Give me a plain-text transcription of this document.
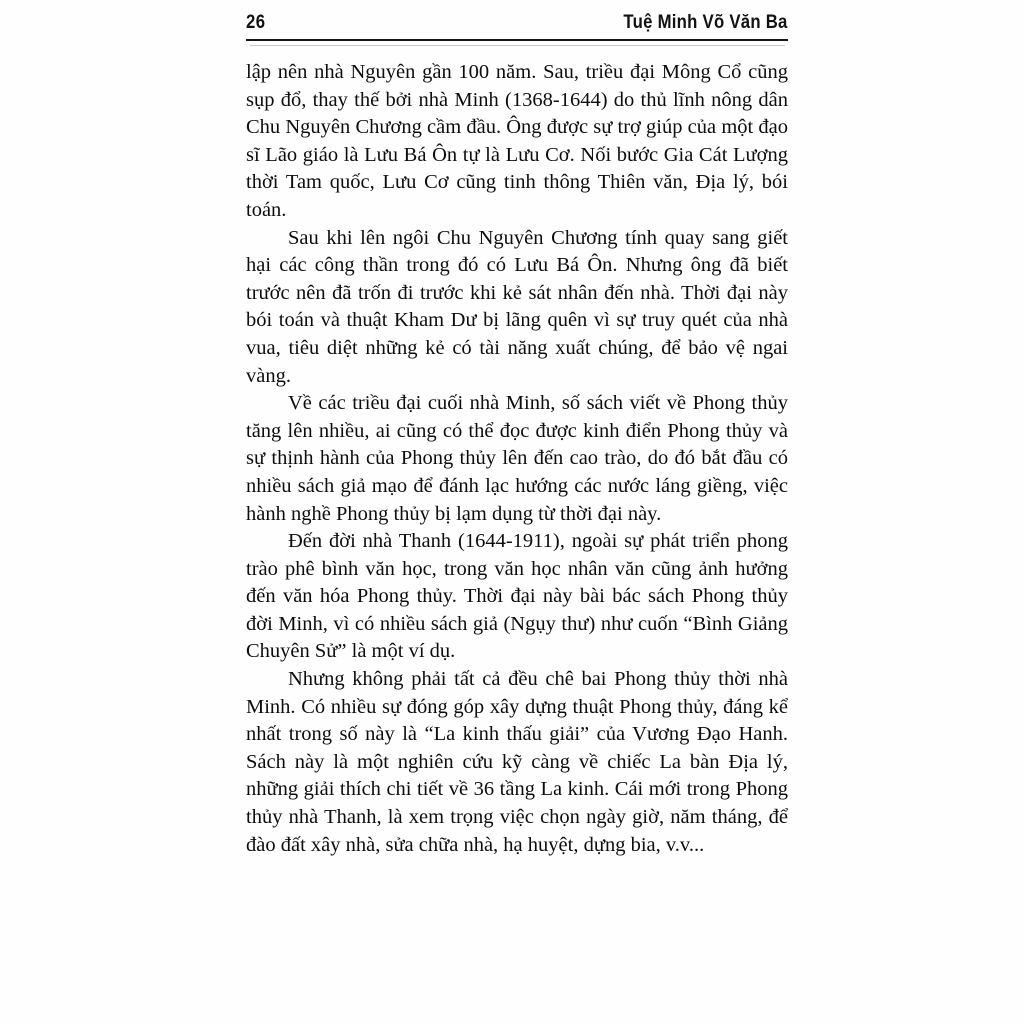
26	Tuệ Minh Võ Văn Ba

lập nên nhà Nguyên gần 100 năm. Sau, triều đại Mông Cổ cũng sụp đổ, thay thế bởi nhà Minh (1368-1644) do thủ lĩnh nông dân Chu Nguyên Chương cầm đầu. Ông được sự trợ giúp của một đạo sĩ Lão giáo là Lưu Bá Ôn tự là Lưu Cơ. Nối bước Gia Cát Lượng thời Tam quốc, Lưu Cơ cũng tinh thông Thiên văn, Địa lý, bói toán.

Sau khi lên ngôi Chu Nguyên Chương tính quay sang giết hại các công thần trong đó có Lưu Bá Ôn. Nhưng ông đã biết trước nên đã trốn đi trước khi kẻ sát nhân đến nhà. Thời đại này bói toán và thuật Kham Dư bị lãng quên vì sự truy quét của nhà vua, tiêu diệt những kẻ có tài năng xuất chúng, để bảo vệ ngai vàng.

Về các triều đại cuối nhà Minh, số sách viết về Phong thủy tăng lên nhiều, ai cũng có thể đọc được kinh điển Phong thủy và sự thịnh hành của Phong thủy lên đến cao trào, do đó bắt đầu có nhiều sách giả mạo để đánh lạc hướng các nước láng giềng, việc hành nghề Phong thủy bị lạm dụng từ thời đại này.

Đến đời nhà Thanh (1644-1911), ngoài sự phát triển phong trào phê bình văn học, trong văn học nhân văn cũng ảnh hưởng đến văn hóa Phong thủy. Thời đại này bài bác sách Phong thủy đời Minh, vì có nhiều sách giả (Ngụy thư) như cuốn “Bình Giảng Chuyên Sử” là một ví dụ.

Nhưng không phải tất cả đều chê bai Phong thủy thời nhà Minh. Có nhiều sự đóng góp xây dựng thuật Phong thủy, đáng kể nhất trong số này là “La kinh thấu giải” của Vương Đạo Hanh. Sách này là một nghiên cứu kỹ càng về chiếc La bàn Địa lý, những giải thích chi tiết về 36 tầng La kinh. Cái mới trong Phong thủy nhà Thanh, là xem trọng việc chọn ngày giờ, năm tháng, để đào đất xây nhà, sửa chữa nhà, hạ huyệt, dựng bia, v.v...
